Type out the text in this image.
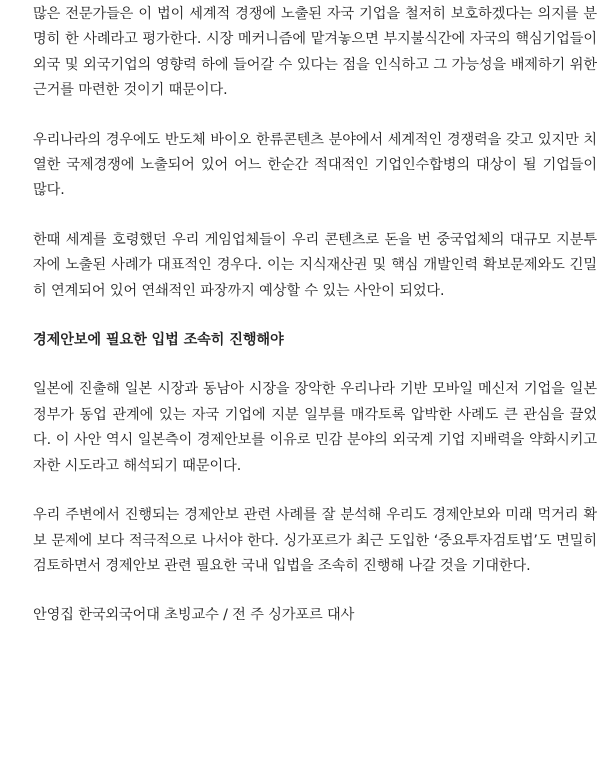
많은 전문가들은 이 법이 세계적 경쟁에 노출된 자국 기업을 철저히 보호하겠다는 의지를 분명히 한 사례라고 평가한다. 시장 메커니즘에 맡겨놓으면 부지불식간에 자국의 핵심기업들이 외국 및 외국기업의 영향력 하에 들어갈 수 있다는 점을 인식하고 그 가능성을 배제하기 위한 근거를 마련한 것이기 때문이다.

우리나라의 경우에도 반도체 바이오 한류콘텐츠 분야에서 세계적인 경쟁력을 갖고 있지만 치열한 국제경쟁에 노출되어 있어 어느 한순간 적대적인 기업인수합병의 대상이 될 기업들이 많다.

한때 세계를 호령했던 우리 게임업체들이 우리 콘텐츠로 돈을 번 중국업체의 대규모 지분투자에 노출된 사례가 대표적인 경우다. 이는 지식재산권 및 핵심 개발인력 확보문제와도 긴밀히 연계되어 있어 연쇄적인 파장까지 예상할 수 있는 사안이 되었다.

경제안보에 필요한 입법 조속히 진행해야

일본에 진출해 일본 시장과 동남아 시장을 장악한 우리나라 기반 모바일 메신저 기업을 일본정부가 동업 관계에 있는 자국 기업에 지분 일부를 매각토록 압박한 사례도 큰 관심을 끌었다. 이 사안 역시 일본측이 경제안보를 이유로 민감 분야의 외국계 기업 지배력을 약화시키고자한 시도라고 해석되기 때문이다.

우리 주변에서 진행되는 경제안보 관련 사례를 잘 분석해 우리도 경제안보와 미래 먹거리 확보 문제에 보다 적극적으로 나서야 한다. 싱가포르가 최근 도입한 ‘중요투자검토법’도 면밀히 검토하면서 경제안보 관련 필요한 국내 입법을 조속히 진행해 나갈 것을 기대한다.

안영집 한국외국어대 초빙교수 / 전 주 싱가포르 대사
